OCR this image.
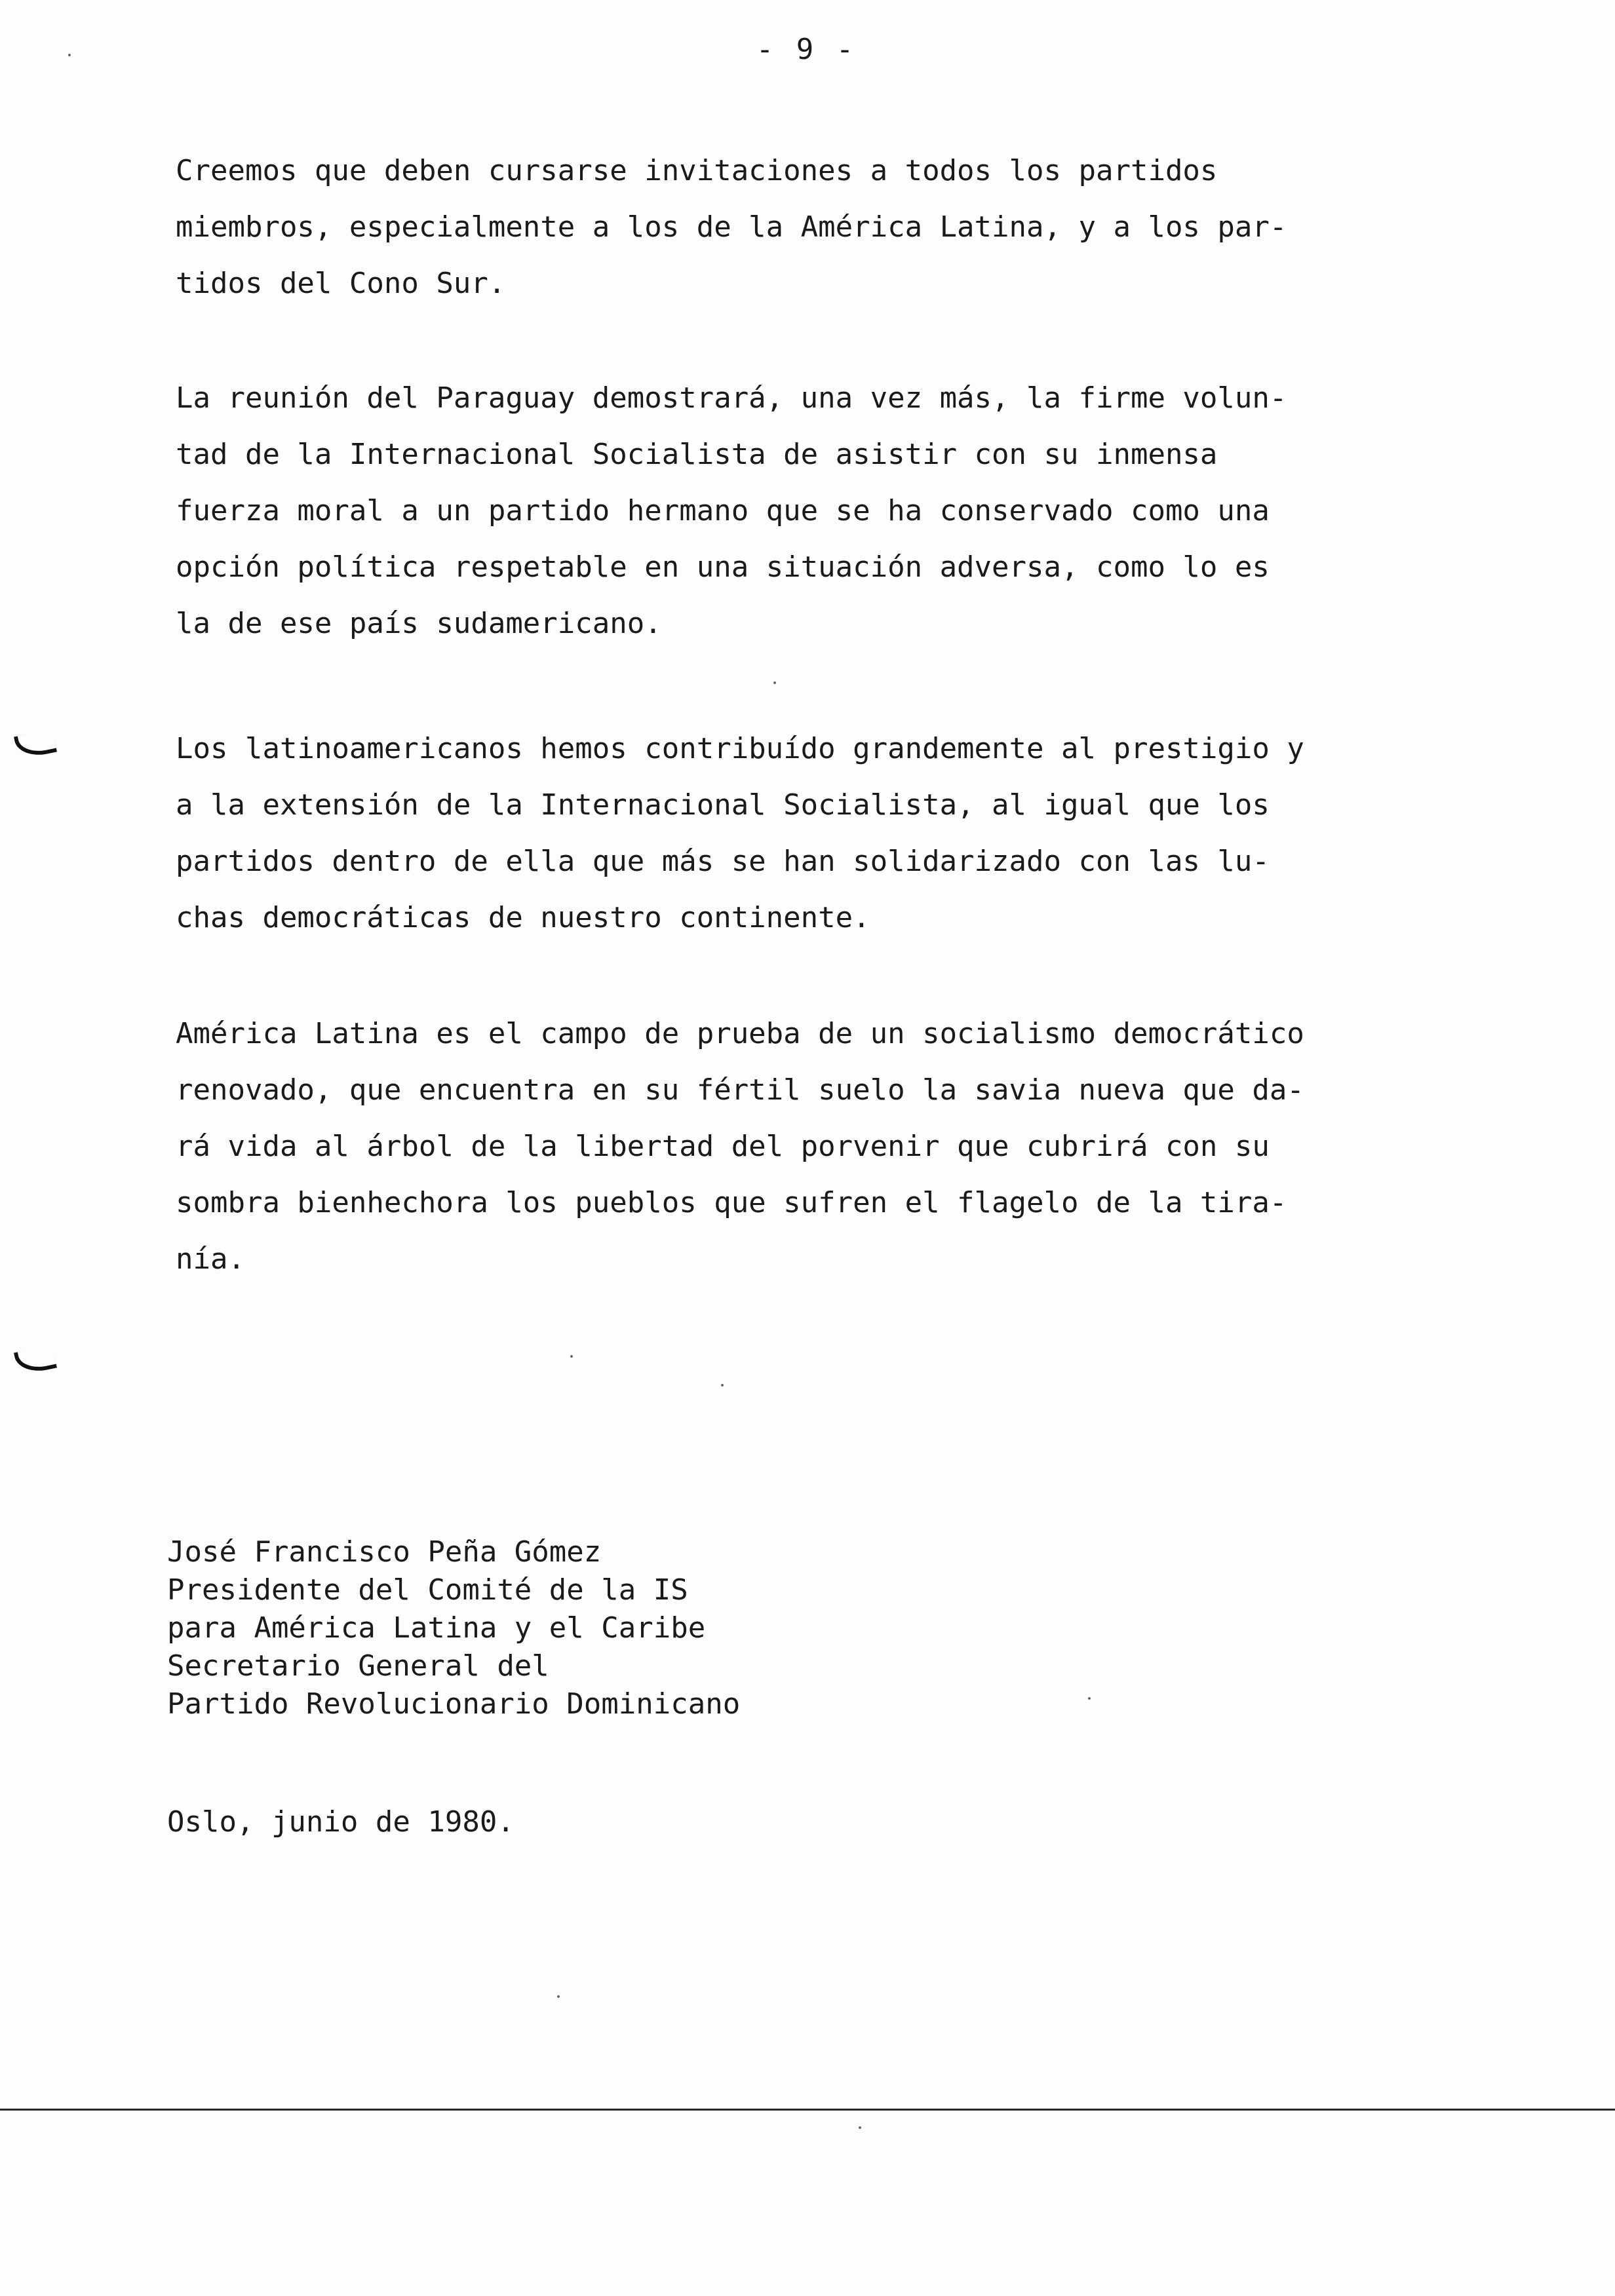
- 9 -

Creemos que deben cursarse invitaciones a todos los partidos
miembros, especialmente a los de la América Latina, y a los par-
tidos del Cono Sur.

La reunión del Paraguay demostrará, una vez más, la firme volun-
tad de la Internacional Socialista de asistir con su inmensa
fuerza moral a un partido hermano que se ha conservado como una
opción política respetable en una situación adversa, como lo es
la de ese país sudamericano.

Los latinoamericanos hemos contribuído grandemente al prestigio y
a la extensión de la Internacional Socialista, al igual que los
partidos dentro de ella que más se han solidarizado con las lu-
chas democráticas de nuestro continente.

América Latina es el campo de prueba de un socialismo democrático
renovado, que encuentra en su fértil suelo la savia nueva que da-
rá vida al árbol de la libertad del porvenir que cubrirá con su
sombra bienhechora los pueblos que sufren el flagelo de la tira-
nía.

José Francisco Peña Gómez
Presidente del Comité de la IS
para América Latina y el Caribe
Secretario General del
Partido Revolucionario Dominicano
Oslo, junio de 1980.
